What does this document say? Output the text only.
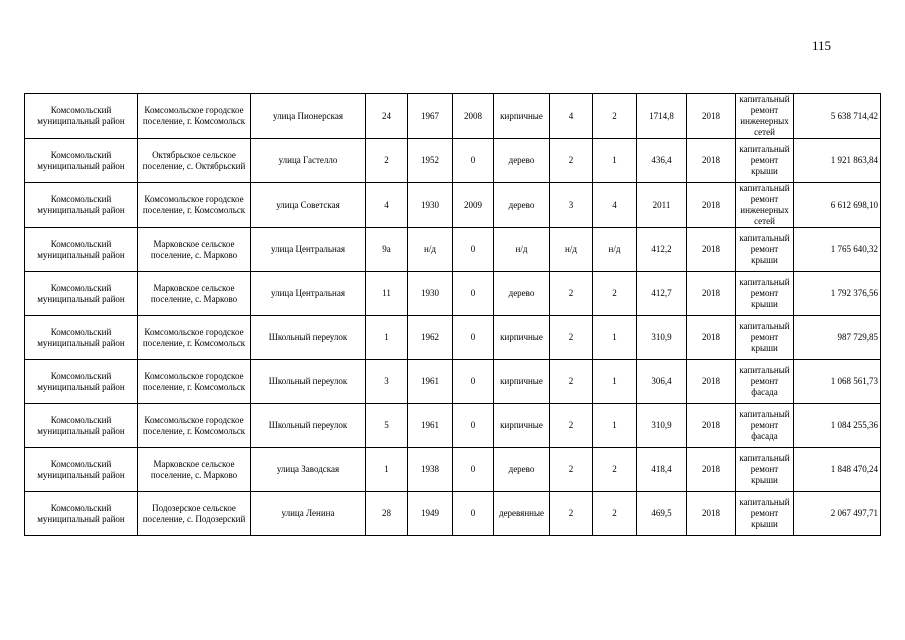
115
Комсомольский муниципальный район	Комсомольское городское поселение, г. Комсомольск	улица Пионерская	24	1967	2008	кирпичные	4	2	1714,8	2018	капитальный ремонт инженерных сетей	5 638 714,42
Комсомольский муниципальный район	Октябрьское сельское поселение, с. Октябрьский	улица Гастелло	2	1952	0	дерево	2	1	436,4	2018	капитальный ремонт крыши	1 921 863,84
Комсомольский муниципальный район	Комсомольское городское поселение, г. Комсомольск	улица Советская	4	1930	2009	дерево	3	4	2011	2018	капитальный ремонт инженерных сетей	6 612 698,10
Комсомольский муниципальный район	Марковское сельское поселение, с. Марково	улица Центральная	9а	н/д	0	н/д	н/д	н/д	412,2	2018	капитальный ремонт крыши	1 765 640,32
Комсомольский муниципальный район	Марковское сельское поселение, с. Марково	улица Центральная	11	1930	0	дерево	2	2	412,7	2018	капитальный ремонт крыши	1 792 376,56
Комсомольский муниципальный район	Комсомольское городское поселение, г. Комсомольск	Школьный переулок	1	1962	0	кирпичные	2	1	310,9	2018	капитальный ремонт крыши	987 729,85
Комсомольский муниципальный район	Комсомольское городское поселение, г. Комсомольск	Школьный переулок	3	1961	0	кирпичные	2	1	306,4	2018	капитальный ремонт фасада	1 068 561,73
Комсомольский муниципальный район	Комсомольское городское поселение, г. Комсомольск	Школьный переулок	5	1961	0	кирпичные	2	1	310,9	2018	капитальный ремонт фасада	1 084 255,36
Комсомольский муниципальный район	Марковское сельское поселение, с. Марково	улица Заводская	1	1938	0	дерево	2	2	418,4	2018	капитальный ремонт крыши	1 848 470,24
Комсомольский муниципальный район	Подозерское сельское поселение, с. Подозерский	улица Ленина	28	1949	0	деревянные	2	2	469,5	2018	капитальный ремонт крыши	2 067 497,71
